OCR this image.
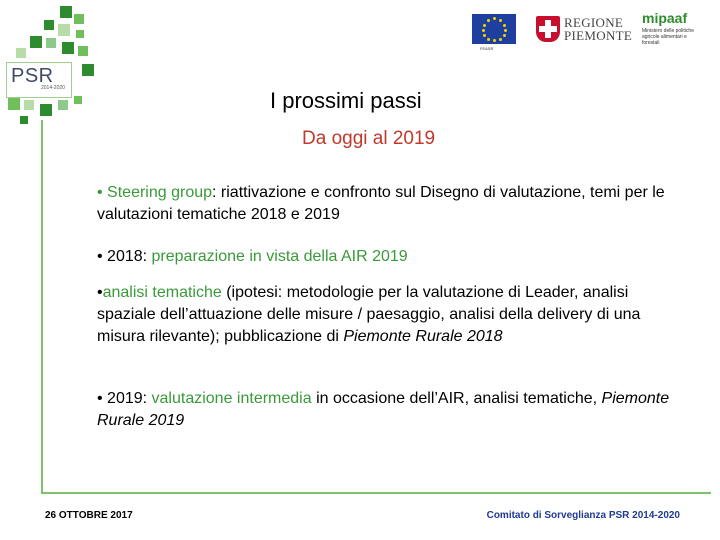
PSR
2014-2020
FEASR
REGIONE
PIEMONTE
mipaaf
Ministero delle politiche agricole alimentari e forestali
I prossimi passi
Da oggi al 2019
• Steering group: riattivazione e confronto sul Disegno di valutazione, temi per le valutazioni tematiche 2018 e 2019
• 2018: preparazione in vista della AIR 2019
•analisi tematiche (ipotesi: metodologie per la valutazione di Leader, analisi spaziale dell’attuazione delle misure / paesaggio, analisi della delivery di una misura rilevante); pubblicazione di Piemonte Rurale 2018
• 2019: valutazione intermedia in occasione dell’AIR, analisi tematiche, Piemonte Rurale 2019
26 OTTOBRE 2017	Comitato di Sorveglianza PSR 2014-2020
